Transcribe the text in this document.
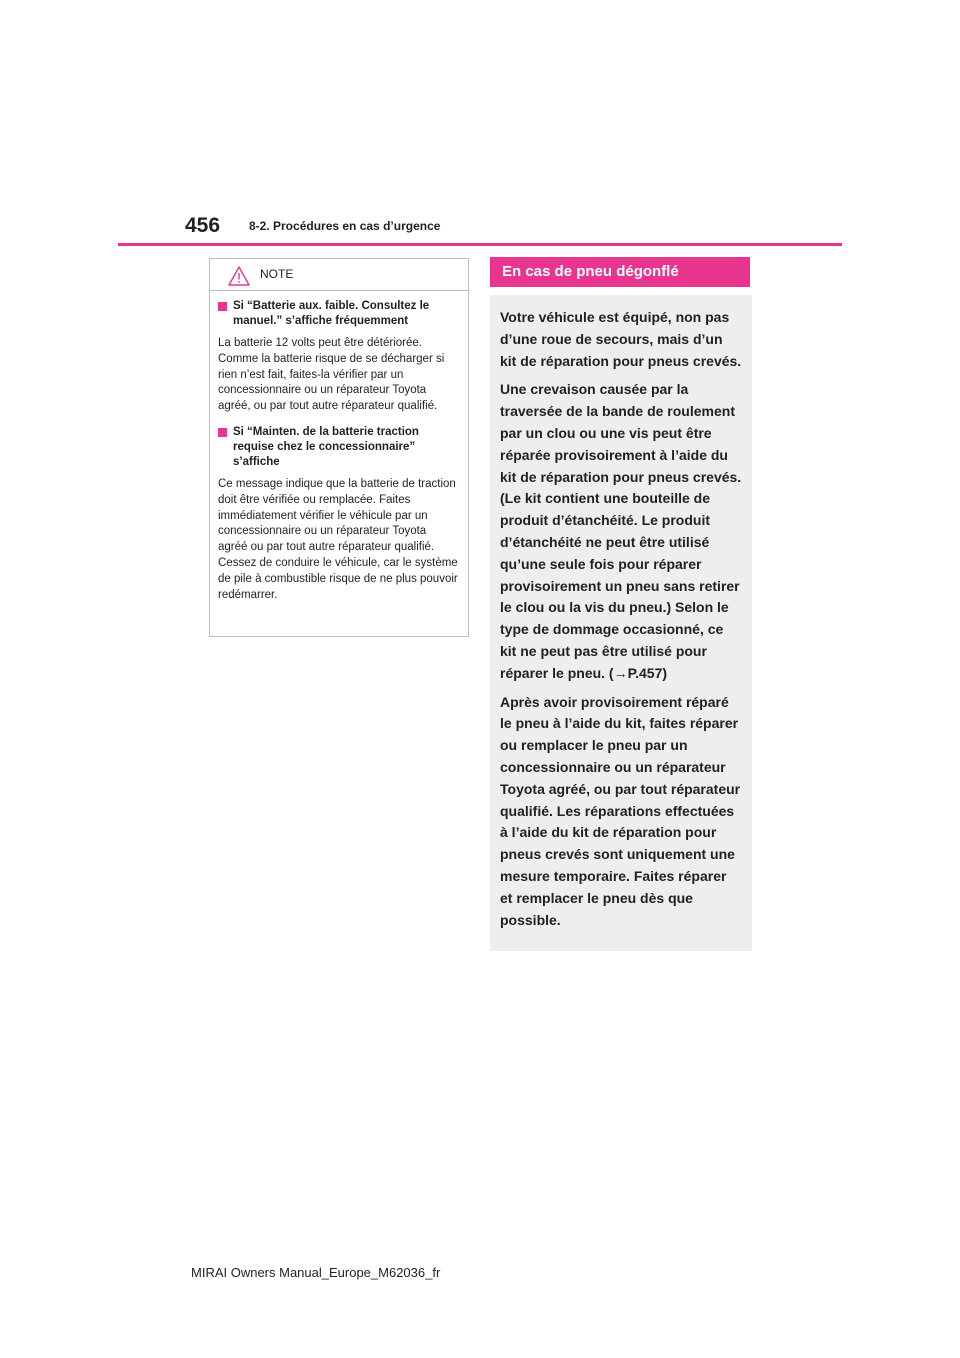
456 8-2. Procédures en cas d’urgence
NOTE
Si “Batterie aux. faible. Consultez le manuel.” s’affiche fréquemment

La batterie 12 volts peut être détériorée. Comme la batterie risque de se décharger si rien n’est fait, faites-la vérifier par un concessionnaire ou un réparateur Toyota agréé, ou par tout autre réparateur qualifié.

Si “Mainten. de la batterie traction requise chez le concessionnaire” s’affiche

Ce message indique que la batterie de traction doit être vérifiée ou remplacée. Faites immédiatement vérifier le véhicule par un concessionnaire ou un réparateur Toyota agréé ou par tout autre réparateur qualifié.

Cessez de conduire le véhicule, car le système de pile à combustible risque de ne plus pouvoir redémarrer.

En cas de pneu dégonflé

Votre véhicule est équipé, non pas d’une roue de secours, mais d’un kit de réparation pour pneus crevés.

Une crevaison causée par la traversée de la bande de roulement par un clou ou une vis peut être réparée provisoirement à l’aide du kit de réparation pour pneus crevés. (Le kit contient une bouteille de produit d’étanchéité. Le produit d’étanchéité ne peut être utilisé qu’une seule fois pour réparer provisoirement un pneu sans retirer le clou ou la vis du pneu.) Selon le type de dommage occasionné, ce kit ne peut pas être utilisé pour réparer le pneu. (→P.457)

Après avoir provisoirement réparé le pneu à l’aide du kit, faites réparer ou remplacer le pneu par un concessionnaire ou un réparateur Toyota agréé, ou par tout réparateur qualifié. Les réparations effectuées à l’aide du kit de réparation pour pneus crevés sont uniquement une mesure temporaire. Faites réparer et remplacer le pneu dès que possible.

MIRAI Owners Manual_Europe_M62036_fr
